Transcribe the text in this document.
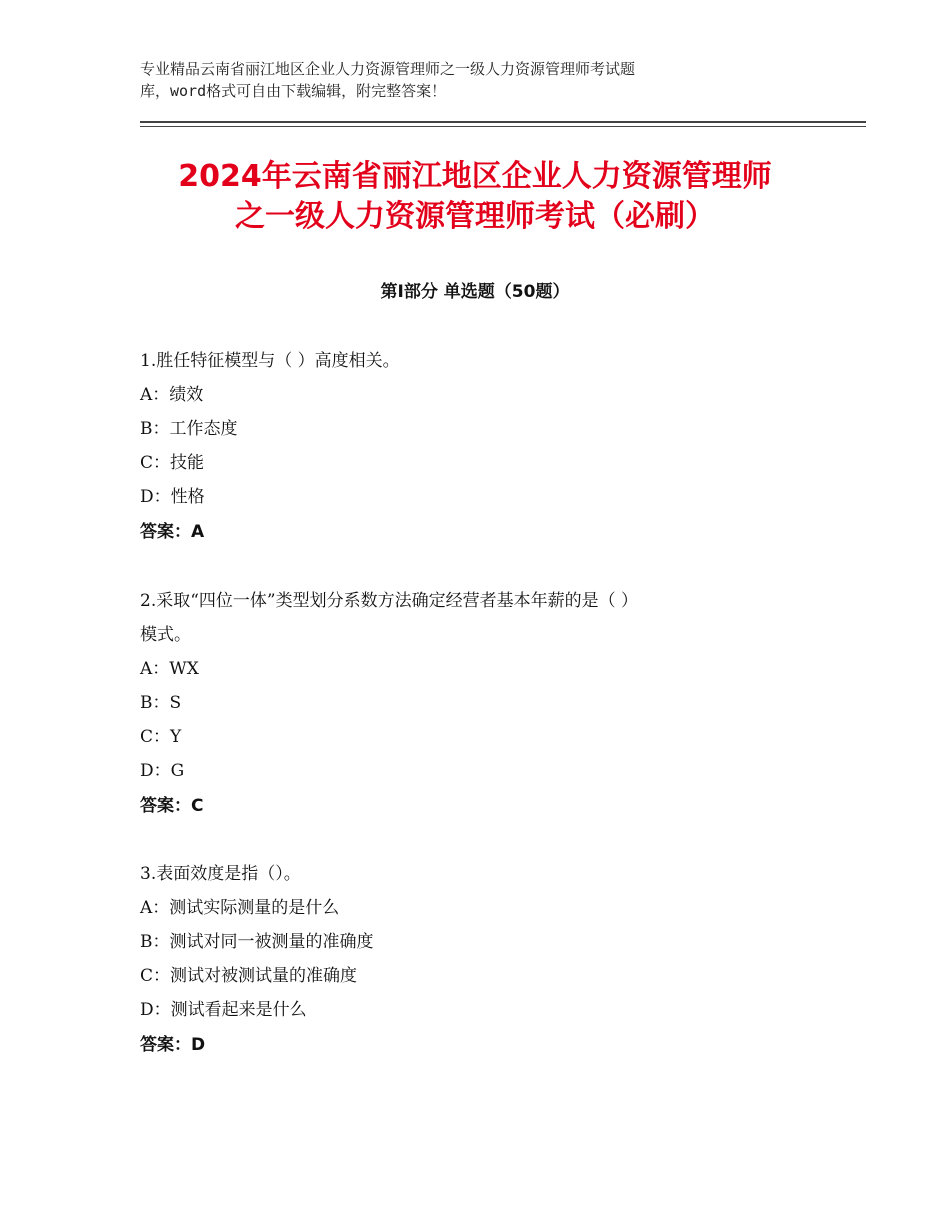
专业精品云南省丽江地区企业人力资源管理师之一级人力资源管理师考试题
库，word格式可自由下载编辑，附完整答案！
2024年云南省丽江地区企业人力资源管理师
之一级人力资源管理师考试（必刷）
第I部分 单选题（50题）
1.胜任特征模型与（ ）高度相关。
A：绩效
B：工作态度
C：技能
D：性格
答案：A
2.采取“四位一体”类型划分系数方法确定经营者基本年薪的是（ ）
模式。
A：WX
B：S
C：Y
D：G
答案：C
3.表面效度是指（）。
A：测试实际测量的是什么
B：测试对同一被测量的准确度
C：测试对被测试量的准确度
D：测试看起来是什么
答案：D
